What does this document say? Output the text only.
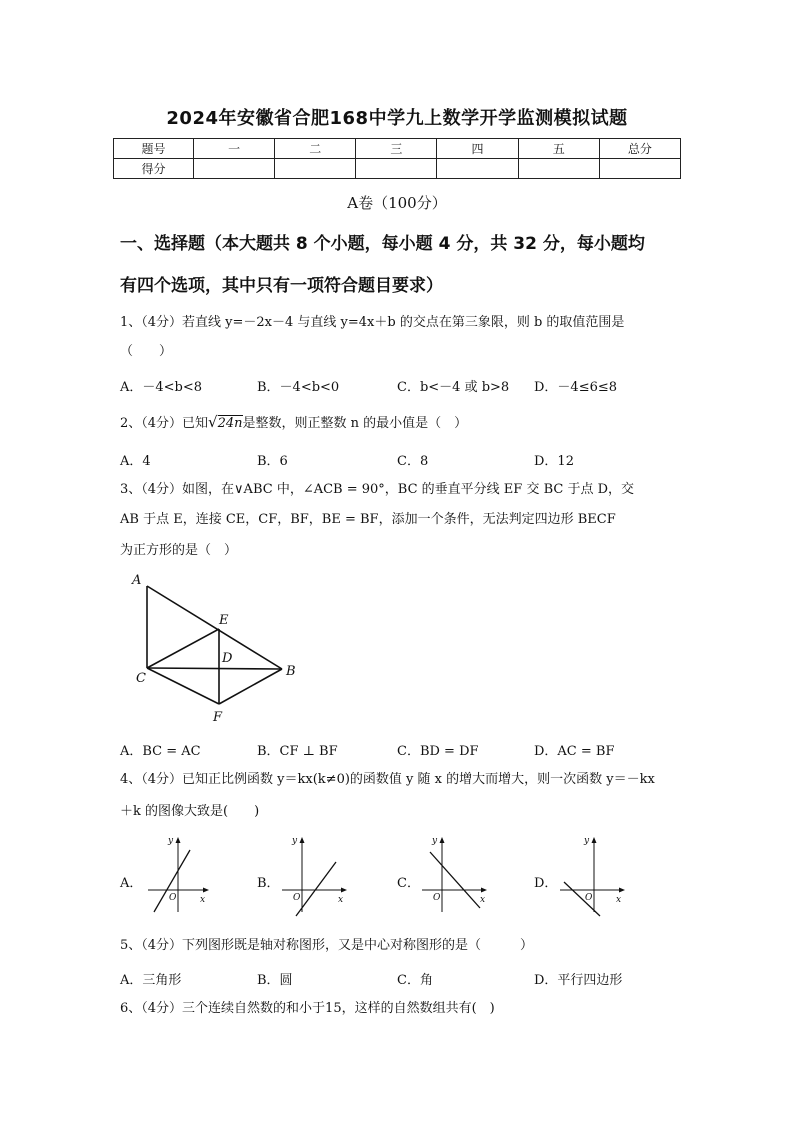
2024年安徽省合肥168中学九上数学开学监测模拟试题
题号	一	二	三	四	五	总分
得分						
A卷（100分）
一、选择题（本大题共 8 个小题，每小题 4 分，共 32 分，每小题均
有四个选项，其中只有一项符合题目要求）
1、（4分）若直线 y=－2x－4 与直线 y=4x＋b 的交点在第三象限，则 b 的取值范围是
（　　）
A．－4<b<8	B．－4<b<0	C．b<－4 或 b>8 D．－4≤6≤8
2、（4分）已知√24n是整数，则正整数 n 的最小值是（　）
A．4	B．6	C．8	D．12
3、（4分）如图，在∨ABC 中，∠ACB = 90°，BC 的垂直平分线 EF 交 BC 于点 D，交
AB 于点 E，连接 CE，CF，BF，BE = BF，添加一个条件，无法判定四边形 BECF
为正方形的是（　）
A
E
D
C	B
F
A．BC = AC	B．CF ⊥ BF	C．BD = DF	D．AC = BF
4、（4分）已知正比例函数 y＝kx(k≠0)的函数值 y 随 x 的增大而增大，则一次函数 y＝－kx
＋k 的图像大致是(　　)
A．	B．	C．	D．
y
x
O
y
x
O
y
x
O
y
x
O
5、（4分）下列图形既是轴对称图形，又是中心对称图形的是（　　　）
A．三角形	B．圆	C．角	D．平行四边形
6、（4分）三个连续自然数的和小于15，这样的自然数组共有(　)
